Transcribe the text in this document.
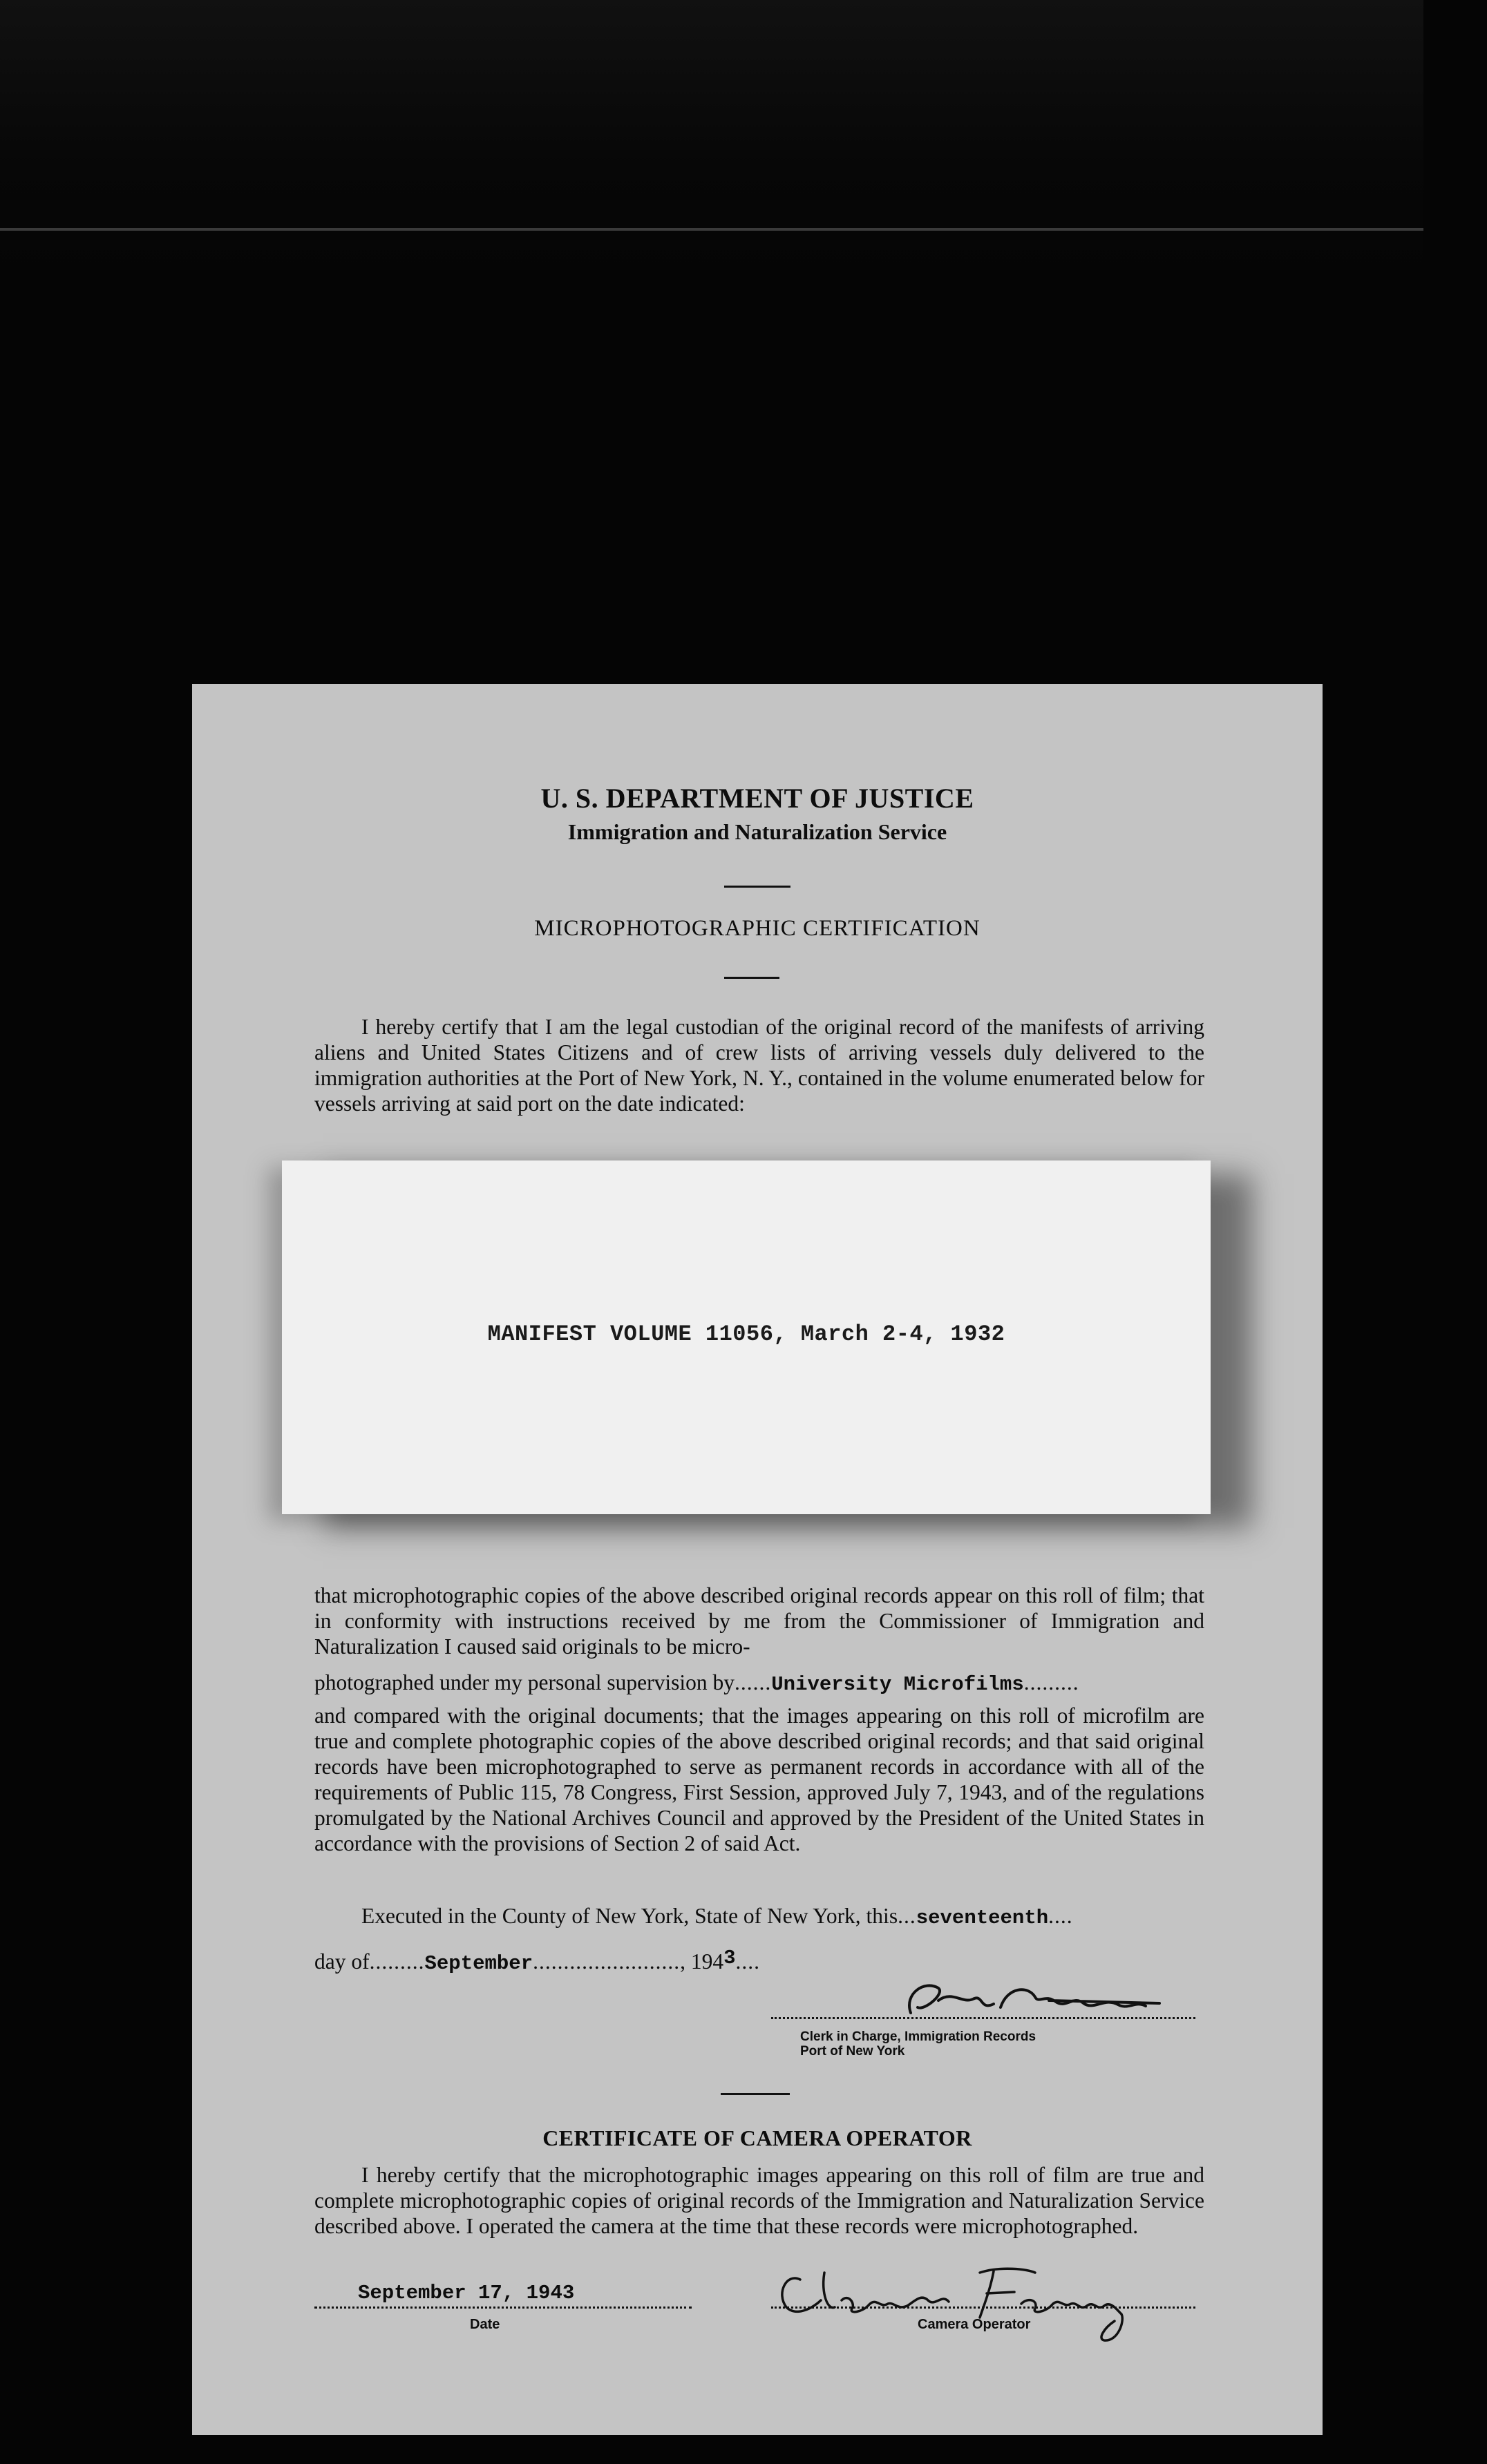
U. S. DEPARTMENT OF JUSTICE
Immigration and Naturalization Service
MICROPHOTOGRAPHIC CERTIFICATION
I hereby certify that I am the legal custodian of the original record of the manifests of arriving aliens and United States Citizens and of crew lists of arriving vessels duly delivered to the immigration authorities at the Port of New York, N. Y., contained in the volume enumerated below for vessels arriving at said port on the date indicated:
MANIFEST VOLUME 11056, March 2-4, 1932
that microphotographic copies of the above described original records appear on this roll of film; that in conformity with instructions received by me from the Commissioner of Immigration and Naturalization I caused said originals to be micro-
photographed under my personal supervision by......University Microfilms.........
and compared with the original documents; that the images appearing on this roll of microfilm are true and complete photographic copies of the above described original records; and that said original records have been microphotographed to serve as permanent records in accordance with all of the requirements of Public 115, 78 Congress, First Session, approved July 7, 1943, and of the regulations promulgated by the National Archives Council and approved by the President of the United States in accordance with the provisions of Section 2 of said Act.
Executed in the County of New York, State of New York, this...seventeenth....
day of.........September........................, 1943....
Clerk in Charge, Immigration Records
Port of New York
CERTIFICATE OF CAMERA OPERATOR
I hereby certify that the microphotographic images appearing on this roll of film are true and complete microphotographic copies of original records of the Immigration and Naturalization Service described above. I operated the camera at the time that these records were microphotographed.
September 17, 1943
Date	Camera Operator
